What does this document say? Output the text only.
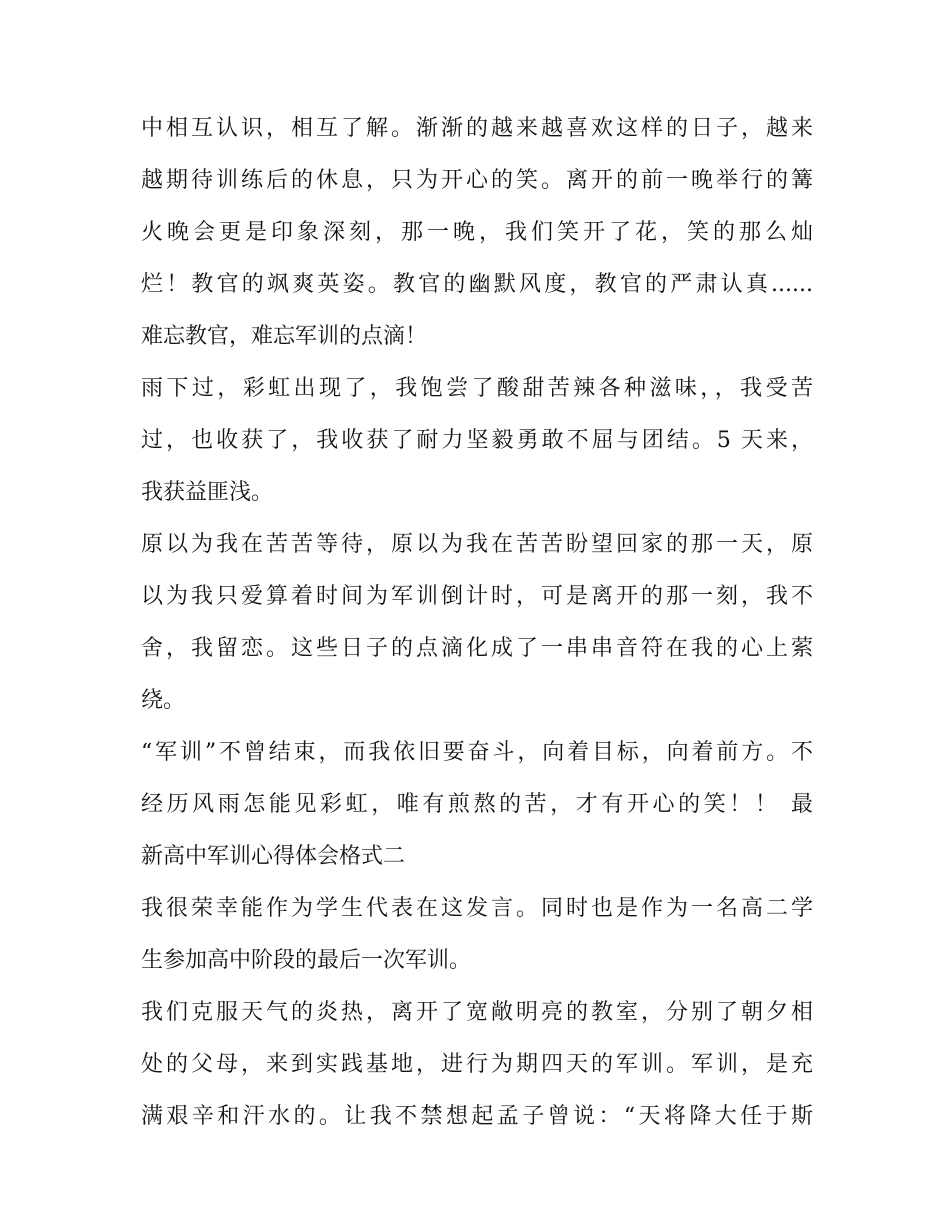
中相互认识，相互了解。渐渐的越来越喜欢这样的日子，越来
越期待训练后的休息，只为开心的笑。离开的前一晚举行的篝
火晚会更是印象深刻，那一晚，我们笑开了花，笑的那么灿
烂！教官的飒爽英姿。教官的幽默风度，教官的严肃认真......
难忘教官，难忘军训的点滴！
雨下过，彩虹出现了，我饱尝了酸甜苦辣各种滋味，，我受苦
过，也收获了，我收获了耐力坚毅勇敢不屈与团结。5 天来，
我获益匪浅。
原以为我在苦苦等待，原以为我在苦苦盼望回家的那一天，原
以为我只爱算着时间为军训倒计时，可是离开的那一刻，我不
舍，我留恋。这些日子的点滴化成了一串串音符在我的心上萦
绕。
“军训”不曾结束，而我依旧要奋斗，向着目标，向着前方。不
经历风雨怎能见彩虹，唯有煎熬的苦，才有开心的笑！！ 最
新高中军训心得体会格式二
我很荣幸能作为学生代表在这发言。同时也是作为一名高二学
生参加高中阶段的最后一次军训。
我们克服天气的炎热，离开了宽敞明亮的教室，分别了朝夕相
处的父母，来到实践基地，进行为期四天的军训。军训，是充
满艰辛和汗水的。让我不禁想起孟子曾说：“天将降大任于斯
